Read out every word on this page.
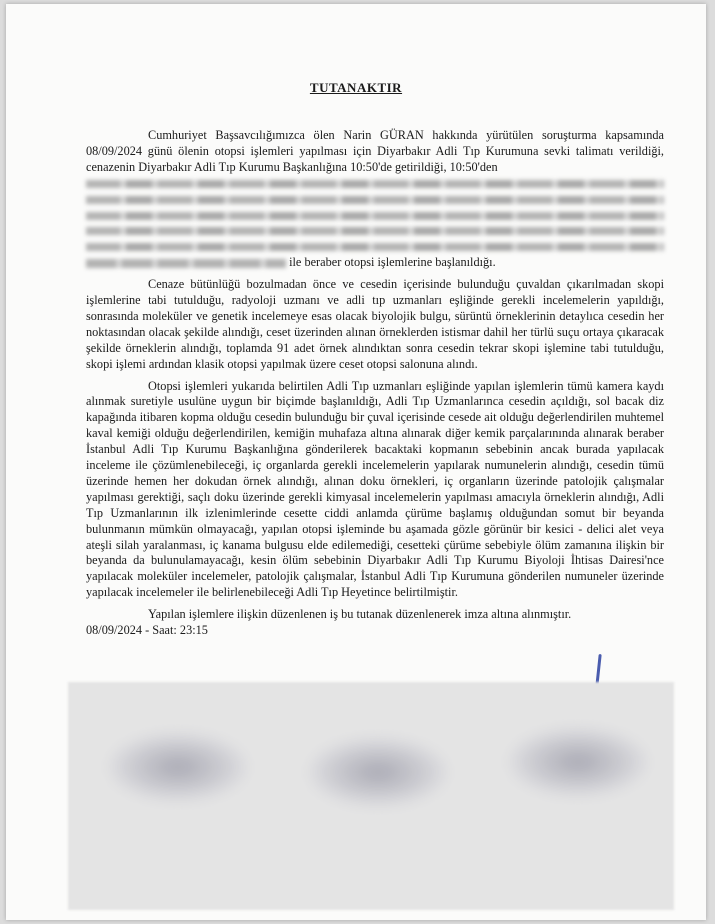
TUTANAKTIR

Cumhuriyet Başsavcılığımızca ölen Narin GÜRAN hakkında yürütülen soruşturma kapsamında 08/09/2024 günü ölenin otopsi işlemleri yapılması için Diyarbakır Adli Tıp Kurumuna sevki talimatı verildiği, cenazenin Diyarbakır Adli Tıp Kurumu Başkanlığına 10:50'de getirildiği, 10:50'den
ile beraber otopsi işlemlerine başlanıldığı.

Cenaze bütünlüğü bozulmadan önce ve cesedin içerisinde bulunduğu çuvaldan çıkarılmadan skopi işlemlerine tabi tutulduğu, radyoloji uzmanı ve adli tıp uzmanları eşliğinde gerekli incelemelerin yapıldığı, sonrasında moleküler ve genetik incelemeye esas olacak biyolojik bulgu, sürüntü örneklerinin detaylıca cesedin her noktasından olacak şekilde alındığı, ceset üzerinden alınan örneklerden istismar dahil her türlü suçu ortaya çıkaracak şekilde örneklerin alındığı, toplamda 91 adet örnek alındıktan sonra cesedin tekrar skopi işlemine tabi tutulduğu, skopi işlemi ardından klasik otopsi yapılmak üzere ceset otopsi salonuna alındı.

Otopsi işlemleri yukarıda belirtilen Adli Tıp uzmanları eşliğinde yapılan işlemlerin tümü kamera kaydı alınmak suretiyle usulüne uygun bir biçimde başlanıldığı, Adli Tıp Uzmanlarınca cesedin açıldığı, sol bacak diz kapağında itibaren kopma olduğu cesedin bulunduğu bir çuval içerisinde cesede ait olduğu değerlendirilen muhtemel kaval kemiği olduğu değerlendirilen, kemiğin muhafaza altına alınarak diğer kemik parçalarınında alınarak beraber İstanbul Adli Tıp Kurumu Başkanlığına gönderilerek bacaktaki kopmanın sebebinin ancak burada yapılacak inceleme ile çözümlenebileceği, iç organlarda gerekli incelemelerin yapılarak numunelerin alındığı, cesedin tümü üzerinde hemen her dokudan örnek alındığı, alınan doku örnekleri, iç organların üzerinde patolojik çalışmalar yapılması gerektiği, saçlı doku üzerinde gerekli kimyasal incelemelerin yapılması amacıyla örneklerin alındığı, Adli Tıp Uzmanlarının ilk izlenimlerinde cesette ciddi anlamda çürüme başlamış olduğundan somut bir beyanda bulunmanın mümkün olmayacağı, yapılan otopsi işleminde bu aşamada gözle görünür bir kesici - delici alet veya ateşli silah yaralanması, iç kanama bulgusu elde edilemediği, cesetteki çürüme sebebiyle ölüm zamanına ilişkin bir beyanda da bulunulamayacağı, kesin ölüm sebebinin Diyarbakır Adli Tıp Kurumu Biyoloji İhtisas Dairesi'nce yapılacak moleküler incelemeler, patolojik çalışmalar, İstanbul Adli Tıp Kurumuna gönderilen numuneler üzerinde yapılacak incelemeler ile belirlenebileceği Adli Tıp Heyetince belirtilmiştir.

Yapılan işlemlere ilişkin düzenlenen iş bu tutanak düzenlenerek imza altına alınmıştır.

08/09/2024 - Saat: 23:15
